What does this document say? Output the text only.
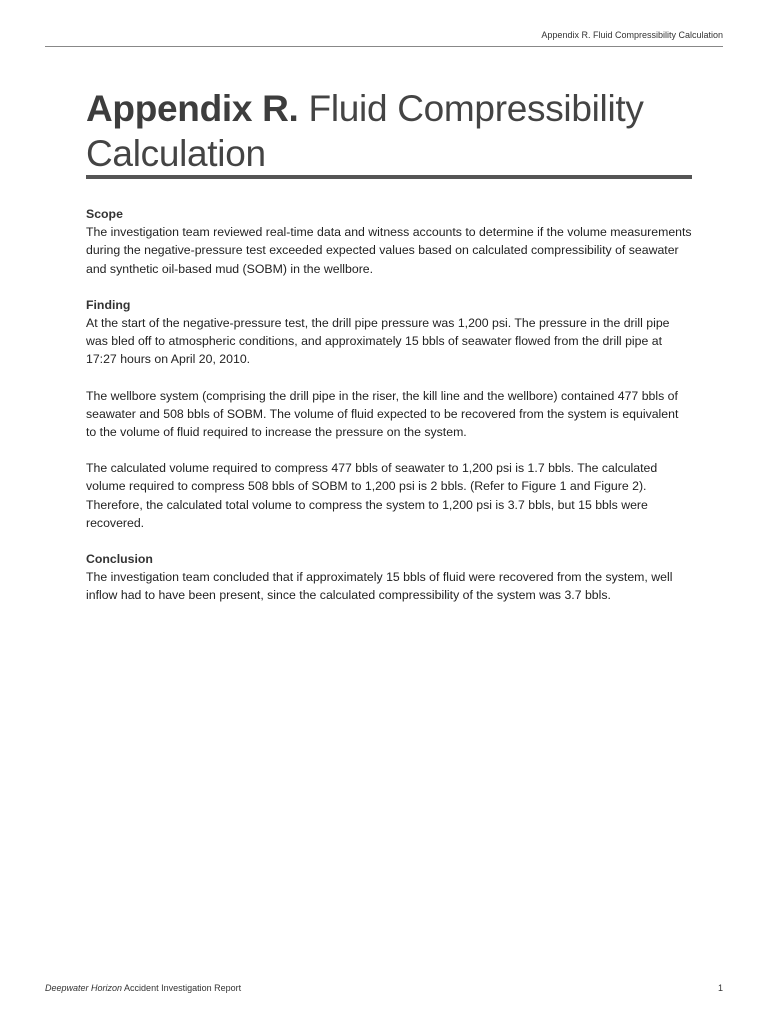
Appendix R. Fluid Compressibility Calculation
Appendix R. Fluid Compressibility Calculation

Scope

The investigation team reviewed real-time data and witness accounts to determine if the volume measurements during the negative-pressure test exceeded expected values based on calculated compressibility of seawater and synthetic oil-based mud (SOBM) in the wellbore.

Finding

At the start of the negative-pressure test, the drill pipe pressure was 1,200 psi. The pressure in the drill pipe was bled off to atmospheric conditions, and approximately 15 bbls of seawater flowed from the drill pipe at 17:27 hours on April 20, 2010.

The wellbore system (comprising the drill pipe in the riser, the kill line and the wellbore) contained 477 bbls of seawater and 508 bbls of SOBM. The volume of fluid expected to be recovered from the system is equivalent to the volume of fluid required to increase the pressure on the system.

The calculated volume required to compress 477 bbls of seawater to 1,200 psi is 1.7 bbls. The calculated volume required to compress 508 bbls of SOBM to 1,200 psi is 2 bbls. (Refer to Figure 1 and Figure 2). Therefore, the calculated total volume to compress the system to 1,200 psi is 3.7 bbls, but 15 bbls were recovered.

Conclusion

The investigation team concluded that if approximately 15 bbls of fluid were recovered from the system, well inflow had to have been present, since the calculated compressibility of the system was 3.7 bbls.

Deepwater Horizon Accident Investigation Report	1
